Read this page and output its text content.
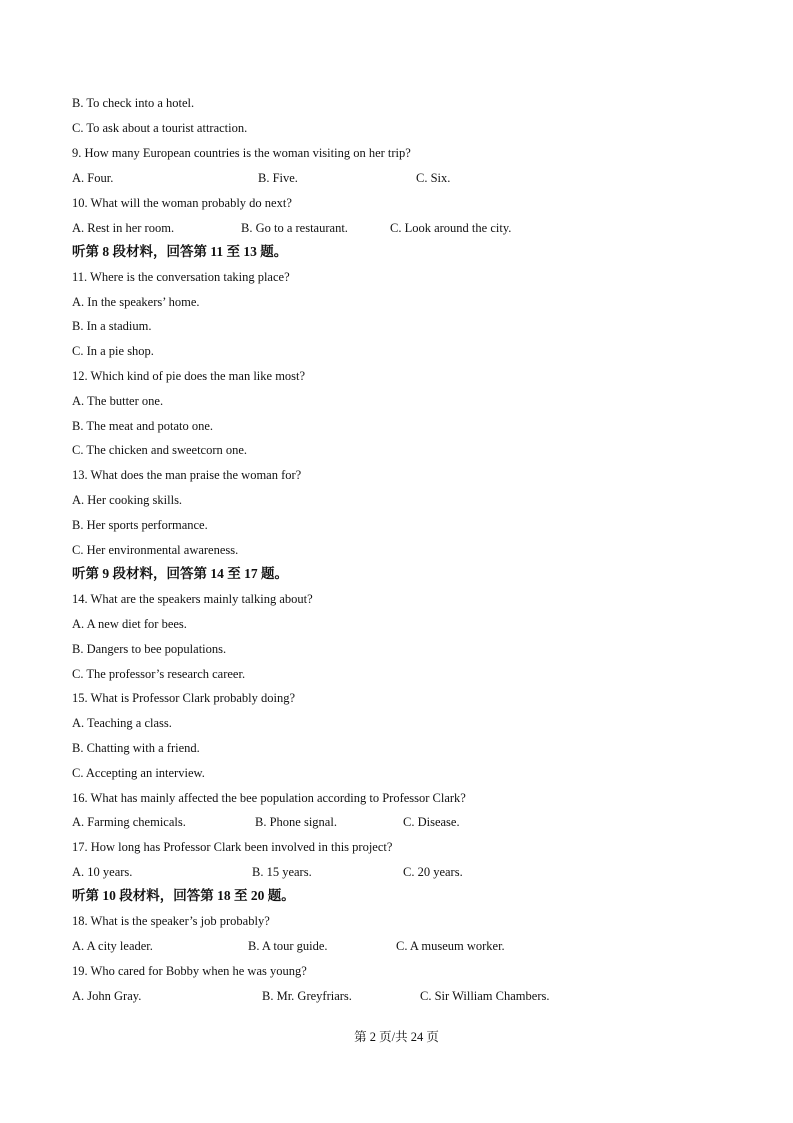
B. To check into a hotel.
C. To ask about a tourist attraction.
9. How many European countries is the woman visiting on her trip?
A. Four.	B. Five.	C. Six.
10. What will the woman probably do next?
A. Rest in her room.	B. Go to a restaurant.	C. Look around the city.
听第 8 段材料，回答第 11 至 13 题。
11. Where is the conversation taking place?
A. In the speakers’ home.
B. In a stadium.
C. In a pie shop.
12. Which kind of pie does the man like most?
A. The butter one.
B. The meat and potato one.
C. The chicken and sweetcorn one.
13. What does the man praise the woman for?
A. Her cooking skills.
B. Her sports performance.
C. Her environmental awareness.
听第 9 段材料，回答第 14 至 17 题。
14. What are the speakers mainly talking about?
A. A new diet for bees.
B. Dangers to bee populations.
C. The professor’s research career.
15. What is Professor Clark probably doing?
A. Teaching a class.
B. Chatting with a friend.
C. Accepting an interview.
16. What has mainly affected the bee population according to Professor Clark?
A. Farming chemicals.	B. Phone signal.	C. Disease.
17. How long has Professor Clark been involved in this project?
A. 10 years.	B. 15 years.	C. 20 years.
听第 10 段材料，回答第 18 至 20 题。
18. What is the speaker’s job probably?
A. A city leader.	B. A tour guide.	C. A museum worker.
19. Who cared for Bobby when he was young?
A. John Gray.	B. Mr. Greyfriars.	C. Sir William Chambers.
第 2 页/共 24 页
